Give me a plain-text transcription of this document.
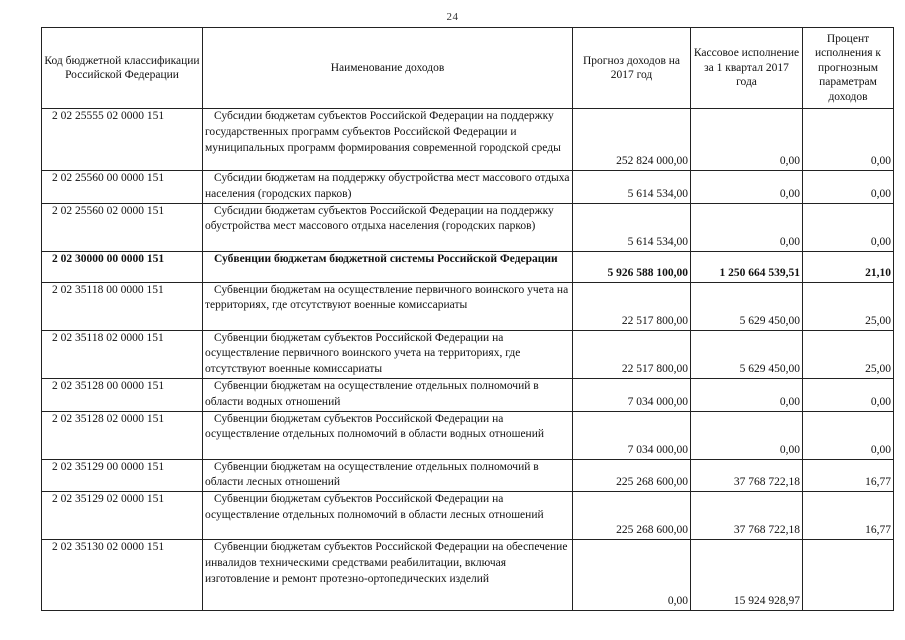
24
Код бюджетной классификации Российской Федерации	Наименование доходов	Прогноз доходов на 2017 год	Кассовое исполнение за 1 квартал 2017 года	Процент исполнения к прогнозным параметрам доходов
2 02 25555 02 0000 151	Субсидии бюджетам субъектов Российской Федерации на поддержку государственных программ субъектов Российской Федерации и муниципальных программ формирования современной городской среды	252 824 000,00	0,00	0,00
2 02 25560 00 0000 151	Субсидии бюджетам на поддержку обустройства мест массового отдыха населения (городских парков)	5 614 534,00	0,00	0,00
2 02 25560 02 0000 151	Субсидии бюджетам субъектов Российской Федерации на поддержку обустройства мест массового отдыха населения (городских парков)	5 614 534,00	0,00	0,00
2 02 30000 00 0000 151	Субвенции бюджетам бюджетной системы Российской Федерации	5 926 588 100,00	1 250 664 539,51	21,10
2 02 35118 00 0000 151	Субвенции бюджетам на осуществление первичного воинского учета на территориях, где отсутствуют военные комиссариаты	22 517 800,00	5 629 450,00	25,00
2 02 35118 02 0000 151	Субвенции бюджетам субъектов Российской Федерации на осуществление первичного воинского учета на территориях, где отсутствуют военные комиссариаты	22 517 800,00	5 629 450,00	25,00
2 02 35128 00 0000 151	Субвенции бюджетам на осуществление отдельных полномочий в области водных отношений	7 034 000,00	0,00	0,00
2 02 35128 02 0000 151	Субвенции бюджетам субъектов Российской Федерации на осуществление отдельных полномочий в области водных отношений	7 034 000,00	0,00	0,00
2 02 35129 00 0000 151	Субвенции бюджетам на осуществление отдельных полномочий в области лесных отношений	225 268 600,00	37 768 722,18	16,77
2 02 35129 02 0000 151	Субвенции бюджетам субъектов Российской Федерации на осуществление отдельных полномочий в области лесных отношений	225 268 600,00	37 768 722,18	16,77
2 02 35130 02 0000 151	Субвенции бюджетам субъектов Российской Федерации на обеспечение инвалидов техническими средствами реабилитации, включая изготовление и ремонт протезно-ортопедических изделий	0,00	15 924 928,97	
